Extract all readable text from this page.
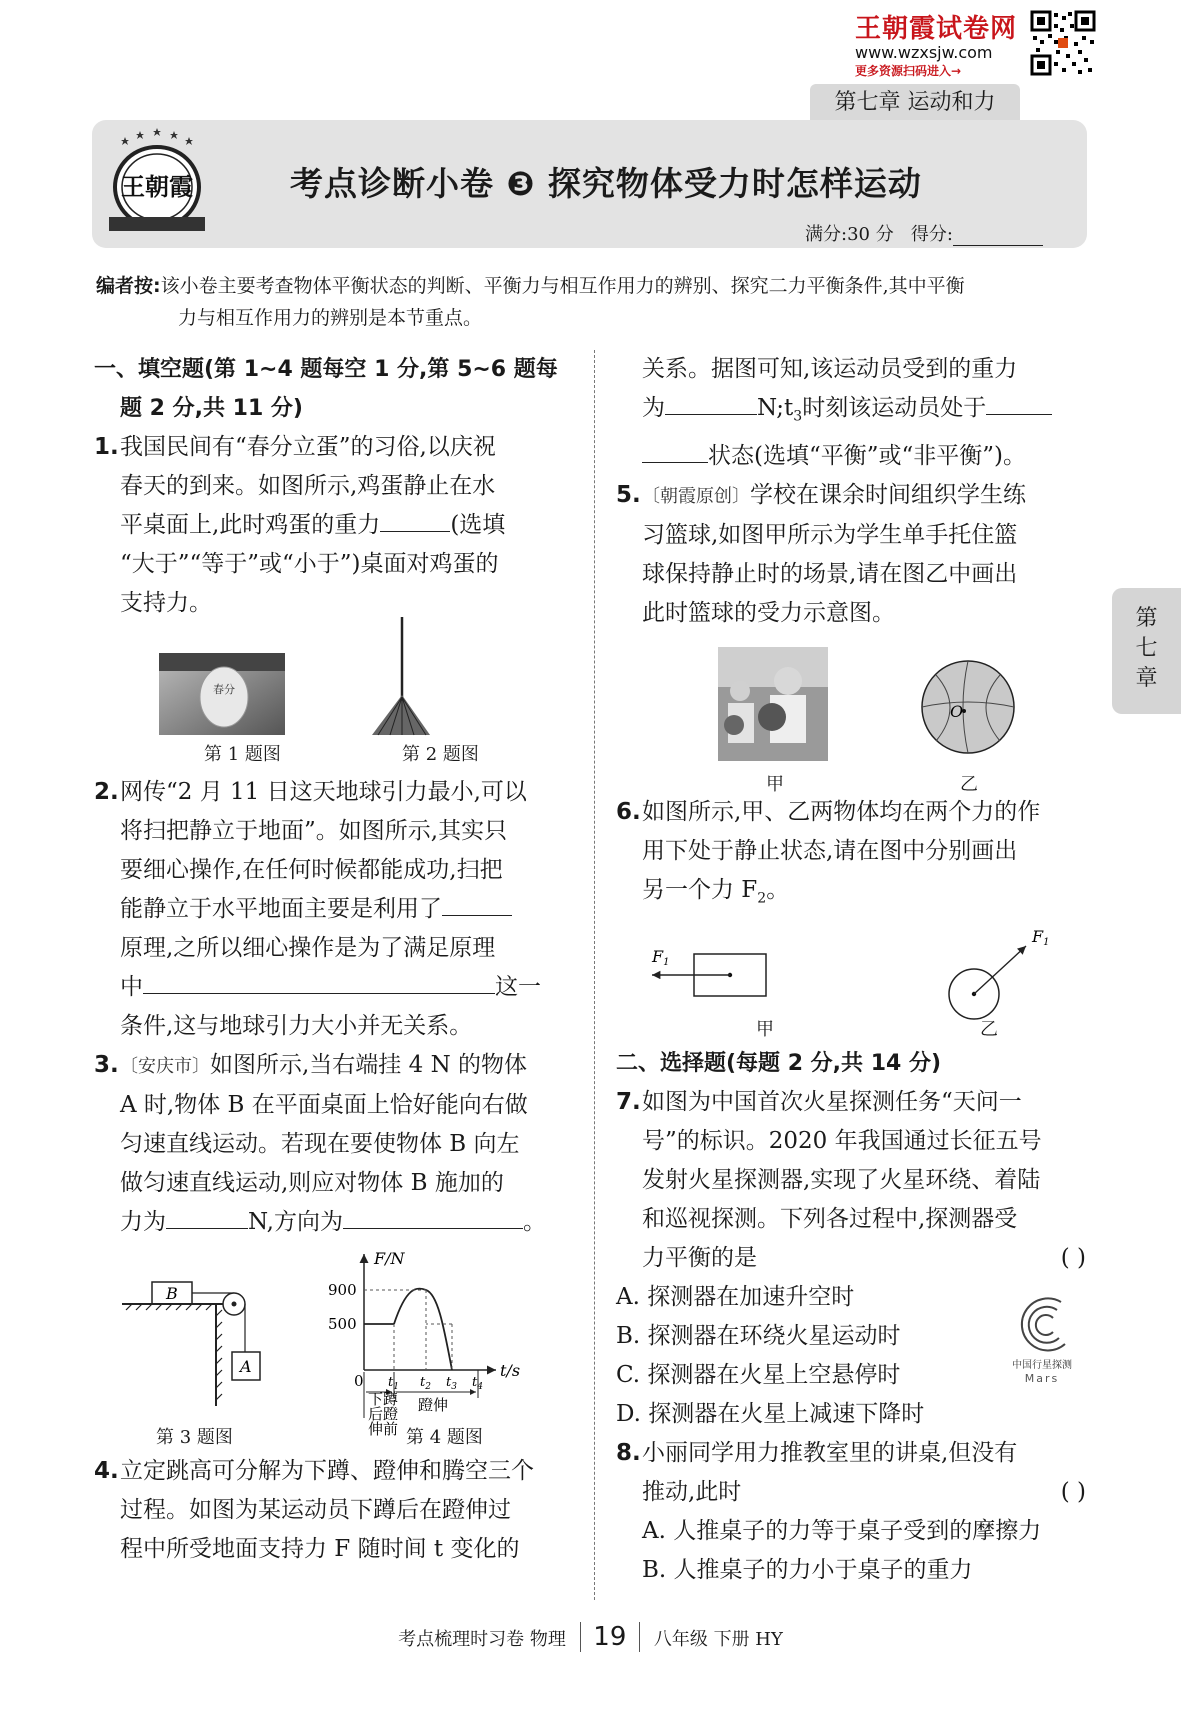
王朝霞试卷网
www.wzxsjw.com
更多资源扫码进入→
第七章 运动和力
王朝霞	考点诊断小卷 ❸ 探究物体受力时怎样运动
满分:30 分 得分:
编者按:该小卷主要考查物体平衡状态的判断、平衡力与相互作用力的辨别、探究二力平衡条件,其中平衡
力与相互作用力的辨别是本节重点。
一、填空题(第 1~4 题每空 1 分,第 5~6 题每
题 2 分,共 11 分)
1. 我国民间有“春分立蛋”的习俗,以庆祝
春天的到来。如图所示,鸡蛋静止在水
平桌面上,此时鸡蛋的重力	(选填
“大于”“等于”或“小于”)桌面对鸡蛋的
支持力。
春分
第 1 题图	第 2 题图
2. 网传“2 月 11 日这天地球引力最小,可以
将扫把静立于地面”。如图所示,其实只
要细心操作,在任何时候都能成功,扫把
能静立于水平地面主要是利用了
原理,之所以细心操作是为了满足原理
中	这一
条件,这与地球引力大小并无关系。
3. 〔安庆市〕如图所示,当右端挂 4 N 的物体
A 时,物体 B 在平面桌面上恰好能向右做
匀速直线运动。若现在要使物体 B 向左
做匀速直线运动,则应对物体 B 施加的
力为	N,方向为	。
B
A
F/N
t/s
900
500
0 $t_1$ $t_2$ $t_3$ $t_4$
下蹲
后蹬
伸前
蹬伸
第 3 题图	第 4 题图
4. 立定跳高可分解为下蹲、蹬伸和腾空三个
过程。如图为某运动员下蹲后在蹬伸过
程中所受地面支持力 F 随时间 t 变化的
关系。据图可知,该运动员受到的重力
为	$N;t_3$时刻该运动员处于
状态(选填“平衡”或“非平衡”)。
5. 〔朝霞原创〕学校在课余时间组织学生练
习篮球,如图甲所示为学生单手托住篮
球保持静止时的场景,请在图乙中画出
此时篮球的受力示意图。
O
甲	乙
6. 如图所示,甲、乙两物体均在两个力的作
用下处于静止状态,请在图中分别画出
另一个力 $F_2$。
F1
F1
甲	乙
二、选择题(每题 2 分,共 14 分)
7. 如图为中国首次火星探测任务“天问一
号”的标识。2020 年我国通过长征五号
发射火星探测器,实现了火星环绕、着陆
和巡视探测。下列各过程中,探测器受
力平衡的是	( )
A. 探测器在加速升空时
B. 探测器在环绕火星运动时
C. 探测器在火星上空悬停时
D. 探测器在火星上减速下降时
中国行星探测
Mars
8. 小丽同学用力推教室里的讲桌,但没有
推动,此时	( )
A. 人推桌子的力等于桌子受到的摩擦力
B. 人推桌子的力小于桌子的重力
第
七
章
考点梳理时习卷 物理 19 八年级 下册 HY
